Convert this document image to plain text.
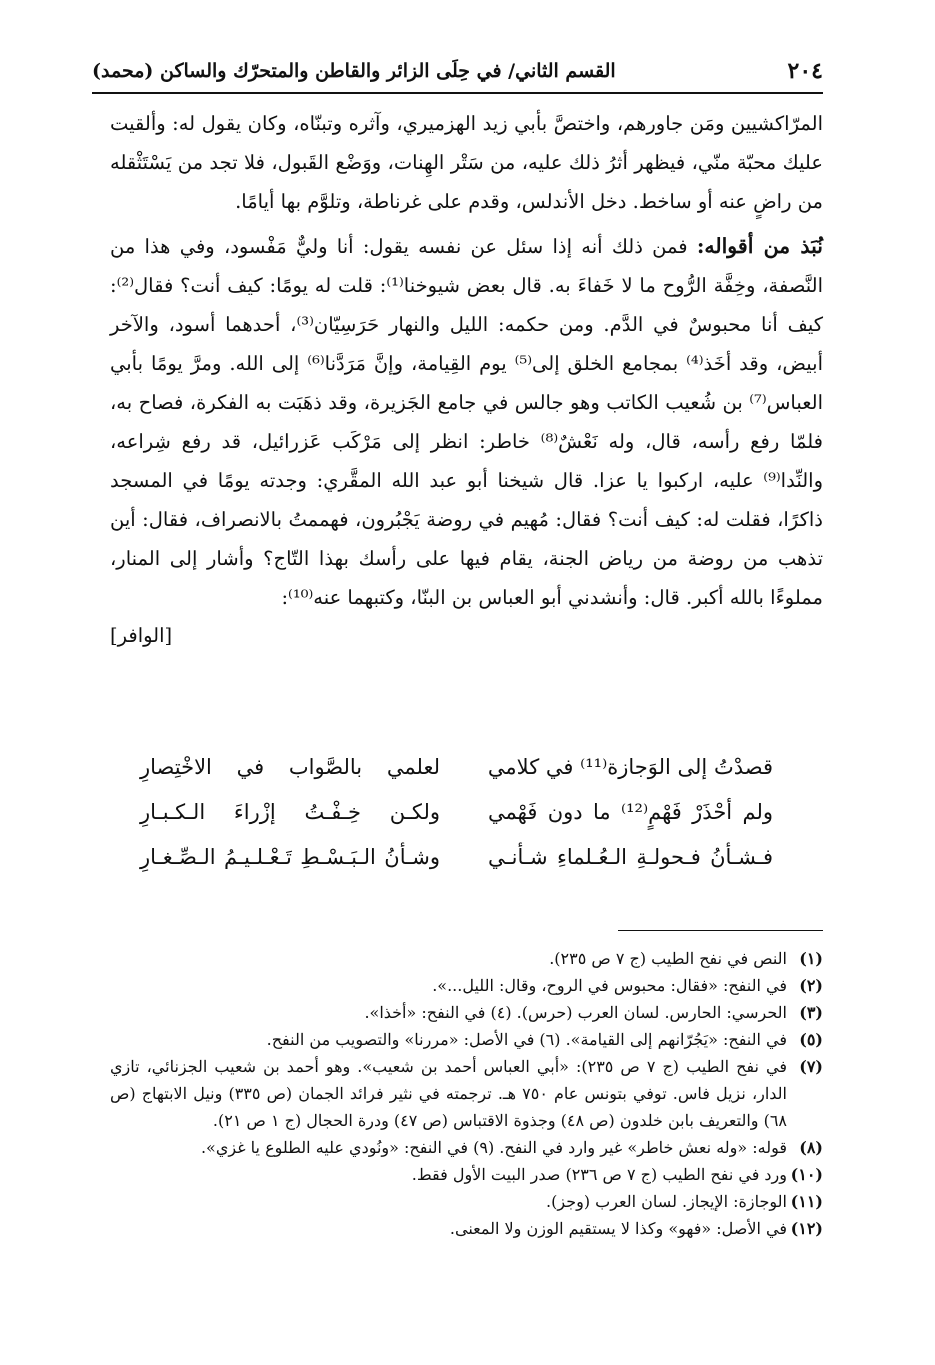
٢٠٤
القسم الثاني/ في حِلَى الزائر والقاطن والمتحرّك والساكن (محمد)

المرّاكشيين ومَن جاورهم، واختصَّ بأبي زيد الهزميري، وآثره وتبنّاه، وكان يقول له: وألقيت عليك محبّة منّي، فيظهر أثرُ ذلك عليه، من سَتْر الهِنات، ووَضْع القَبول، فلا تجد من يَسْتَثْقله من راضٍ عنه أو ساخط. دخل الأندلس، وقدم على غرناطة، وتلوَّم بها أيامًا.

نُبَذ من أقواله: فمن ذلك أنه إذا سئل عن نفسه يقول: أنا وليٌّ مَفْسود، وفي هذا من النَّصفة، وخِفَّة الرُّوح ما لا خَفاءَ به. قال بعض شيوخنا⁽¹⁾: قلت له يومًا: كيف أنت؟ فقال⁽²⁾: كيف أنا محبوسٌ في الدَّم. ومن حكمه: الليل والنهار حَرَسِيّان⁽³⁾، أحدهما أسود، والآخر أبيض، وقد أخَذ⁽⁴⁾ بمجامع الخلق إلى⁽⁵⁾ يوم القِيامة، وإنَّ مَرَدَّنا⁽⁶⁾ إلى الله. ومرَّ يومًا بأبي العباس⁽⁷⁾ بن شُعيب الكاتب وهو جالس في جامع الجَزيرة، وقد ذهَبَت به الفكرة، فصاح به، فلمّا رفع رأسه، قال، وله نَعْشٌ⁽⁸⁾ خاطر: انظر إلى مَرْكَب عَزرائيل، قد رفع شِراعه، والنِّدا⁽⁹⁾ عليه، اركبوا يا عزا. قال شيخنا أبو عبد الله المقَّري: وجدته يومًا في المسجد ذاكرًا، فقلت له: كيف أنت؟ فقال: مُهيم في روضة يَجْبُرون، فهممتُ بالانصراف، فقال: أين تذهب من روضة من رياض الجنة، يقام فيها على رأسك بهذا التّاج؟ وأشار إلى المنار، مملوءًا بالله أكبر. قال: وأنشدني أبو العباس بن البنّا، وكتبهما عنه⁽¹⁰⁾:

[الوافر]
قصدْتُ إلى الوَجازة⁽¹¹⁾ في كلامي
لعلمي بالصَّواب في الاخْتِصارِ
ولم أحْذَرْ فَهْمٍ⁽¹²⁾ ما دون فَهْمي
ولكـن خِـفْـتُ إزْراءَ الـكـبـارِ
فـشـأنُ فـحولـةِ الـعُـلماءِ شـأنـي
وشـأنُ الـبَـسْـطِ تَـعْـلـيـمُ الـصِّـغـارِ
(١)
النص في نفح الطيب (ج ٧ ص ٢٣٥).
(٢)
في النفح: «فقال: محبوس في الروح، وقال: الليل...».
(٣)
الحرسي: الحارس. لسان العرب (حرس). (٤) في النفح: «أخذا».
(٥)
في النفح: «يَجُرّانهم إلى القيامة». (٦) في الأصل: «مررنا» والتصويب من النفح.
(٧)
في نفح الطيب (ج ٧ ص ٢٣٥): «أبي العباس أحمد بن شعيب». وهو أحمد بن شعيب الجزنائي، تازي الدار، نزيل فاس. توفي بتونس عام ٧٥٠ هـ. ترجمته في نثير فرائد الجمان (ص ٣٣٥) ونيل الابتهاج (ص ٦٨) والتعريف بابن خلدون (ص ٤٨) وجذوة الاقتباس (ص ٤٧) ودرة الحجال (ج ١ ص ٢١).
(٨)
قوله: «وله نعش خاطر» غير وارد في النفح. (٩) في النفح: «ونُودي عليه الطلوع يا غزي».
(١٠)
ورد في نفح الطيب (ج ٧ ص ٢٣٦) صدر البيت الأول فقط.
(١١)
الوجازة: الإيجاز. لسان العرب (وجز).
(١٢)
في الأصل: «فهو» وكذا لا يستقيم الوزن ولا المعنى.
